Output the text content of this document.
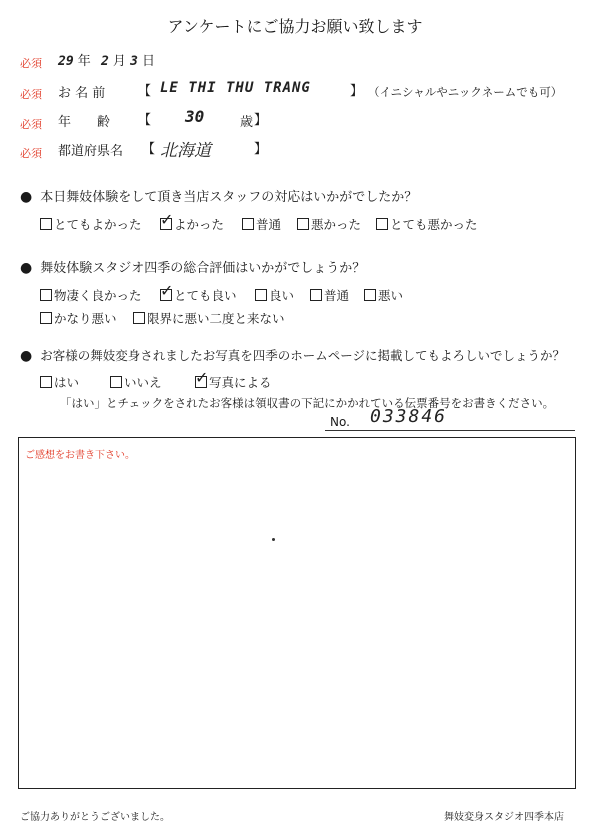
アンケートにご協力お願い致します
必須 29 年 2 月 3 日
必須 お 名 前	【 LE THI THU TRANG	】 （イニシャルやニックネームでも可）
必須 年　　齢 【 30	歳 】
必須 都道府県名 【 北海道	】
● 本日舞妓体験をして頂き当店スタッフの対応はいかがでしたか？
とてもよかった ✓ よかった	普通	悪かった	とても悪かった
● 舞妓体験スタジオ四季の総合評価はいかがでしょうか？
物凄く良かった ✓ とても良い	良い	普通	悪い
かなり悪い	限界に悪い二度と来ない
● お客様の舞妓変身されましたお写真を四季のホームページに掲載してもよろしいでしょうか？
はい	いいえ ✓ 写真による
「はい」とチェックをされたお客様は領収書の下記にかかれている伝票番号をお書きください。
No. 033846
ご感想をお書き下さい。
ご協力ありがとうございました。	舞妓変身スタジオ四季本店
